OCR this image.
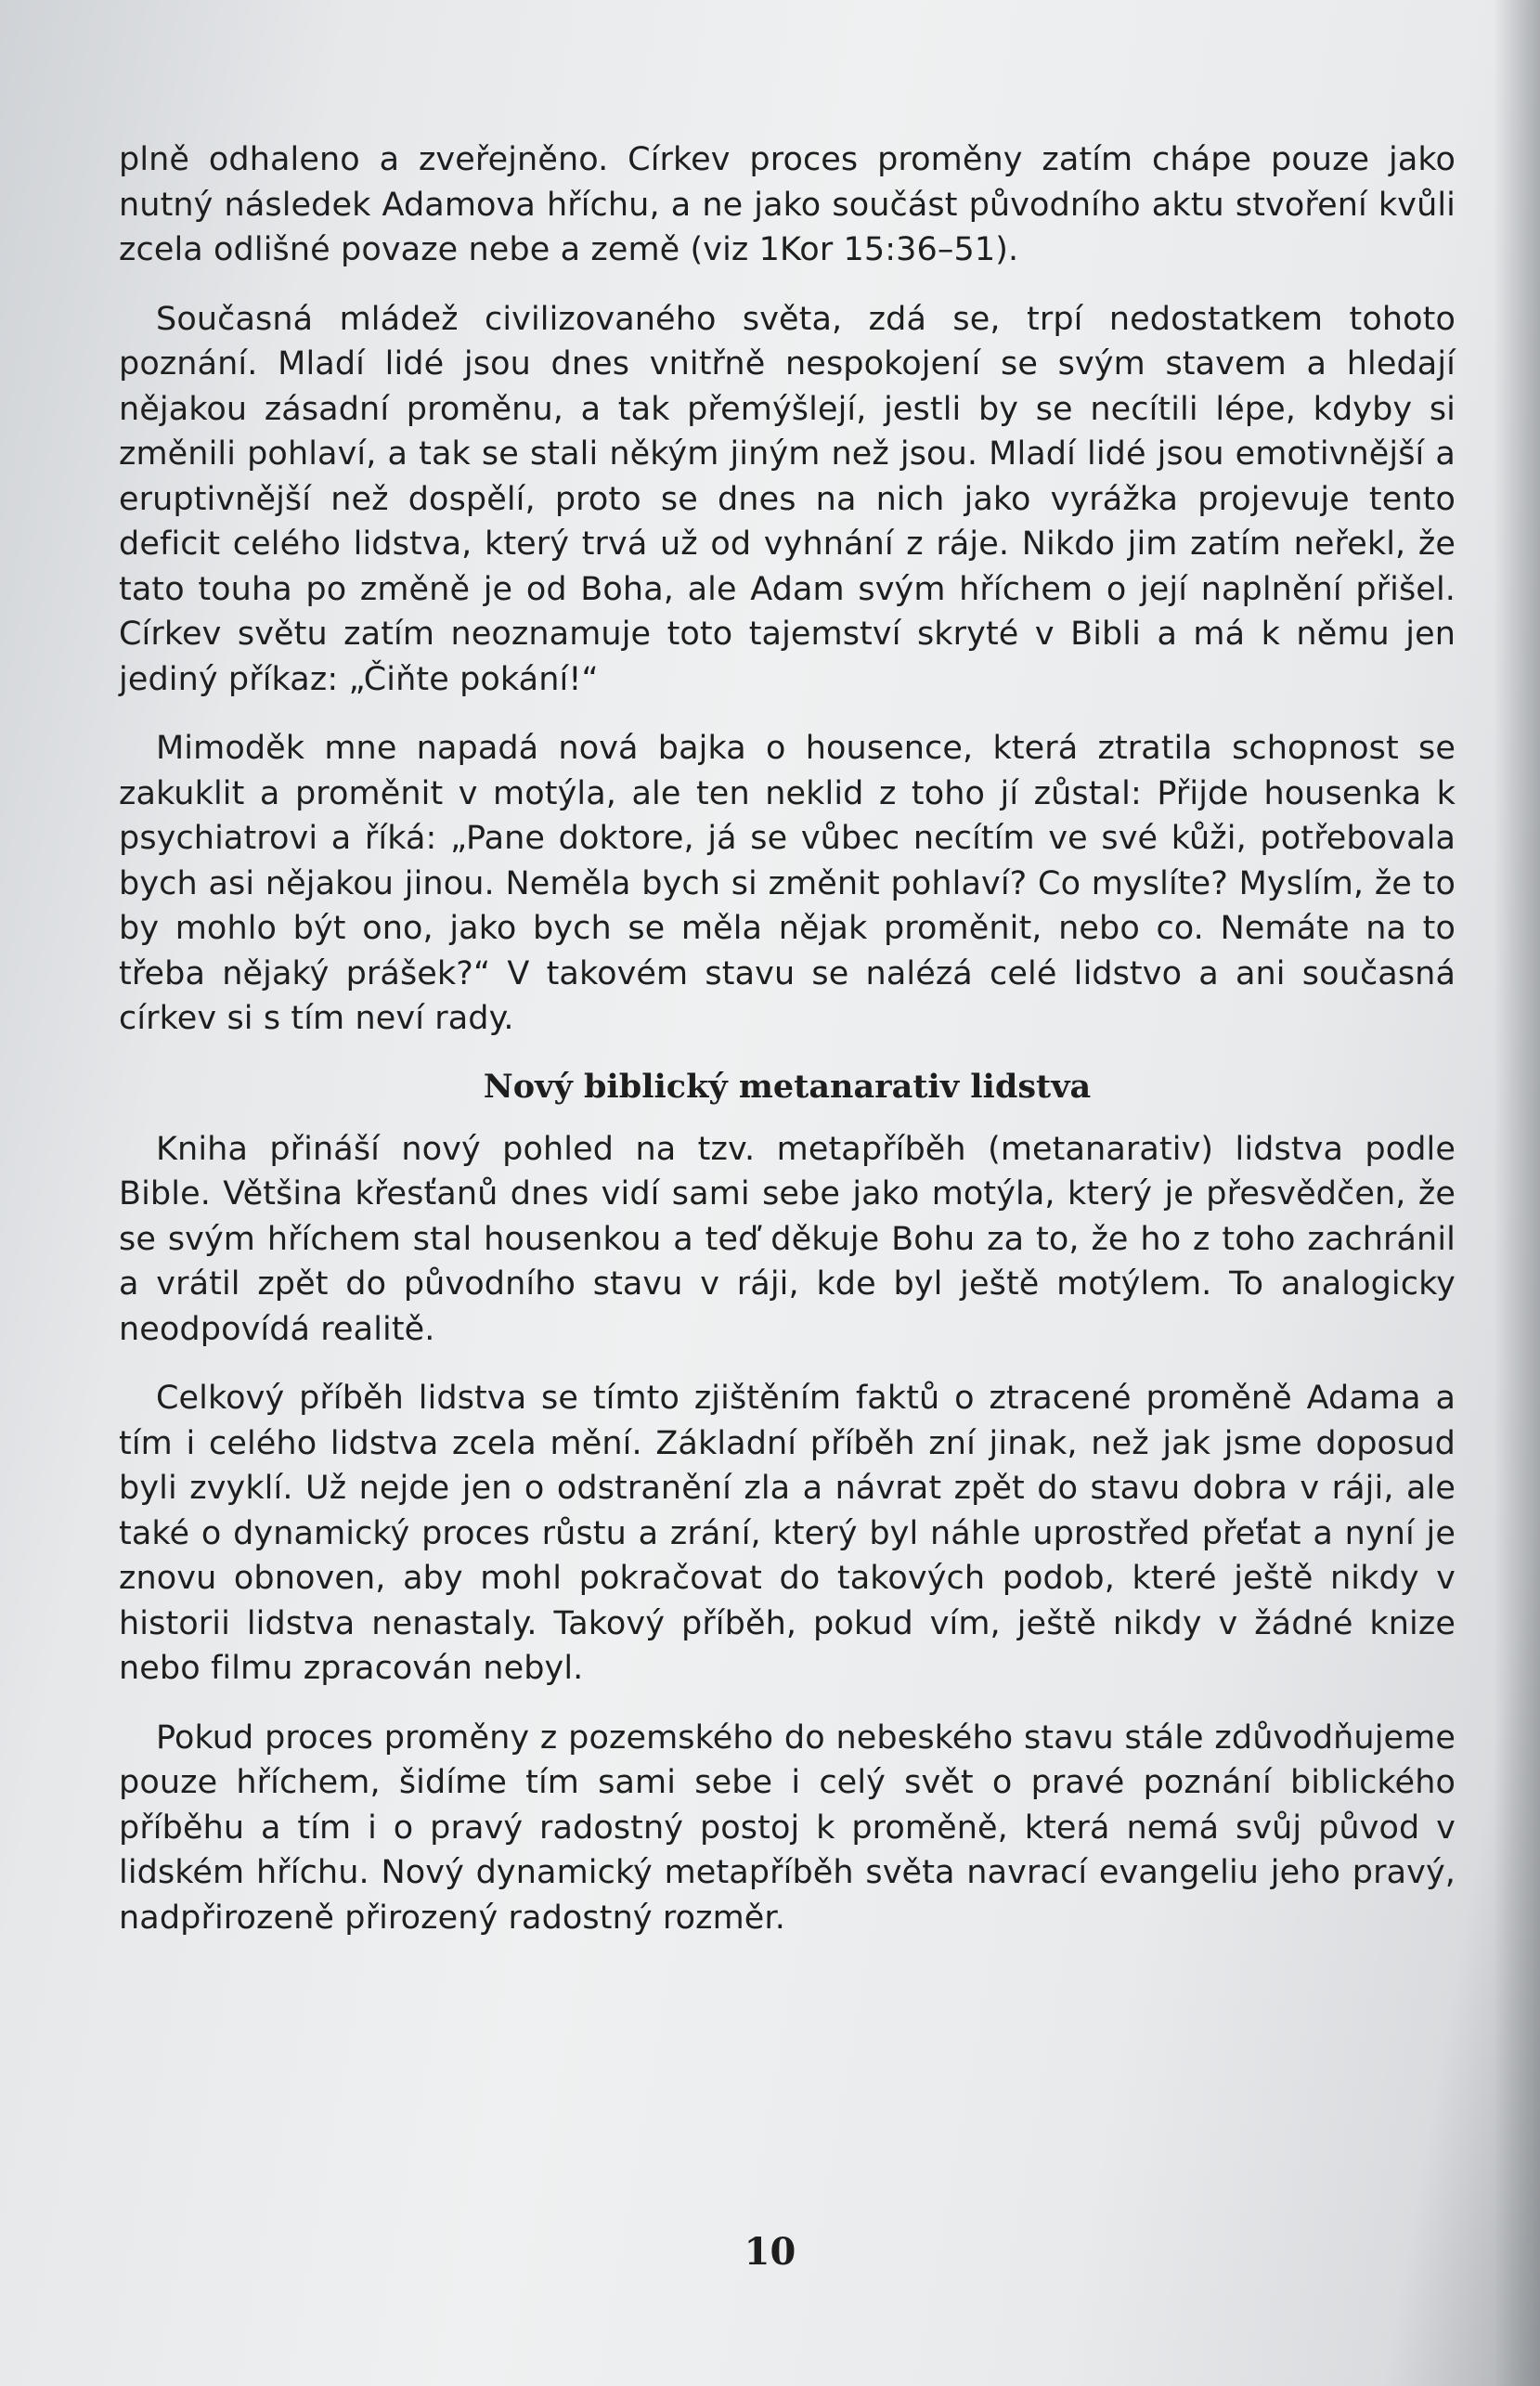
plně odhaleno a zveřejněno. Církev proces proměny zatím chápe pouze jako nutný následek Adamova hříchu, a ne jako součást původního aktu stvoření kvůli zcela odlišné povaze nebe a země (viz 1Kor 15:36–51).

Současná mládež civilizovaného světa, zdá se, trpí nedostatkem tohoto poznání. Mladí lidé jsou dnes vnitřně nespokojení se svým stavem a hledají nějakou zásadní proměnu, a tak přemýšlejí, jestli by se necítili lépe, kdyby si změnili pohlaví, a tak se stali někým jiným než jsou. Mladí lidé jsou emotivnější a eruptivnější než dospělí, proto se dnes na nich jako vyrážka projevuje tento deficit celého lidstva, který trvá už od vyhnání z ráje. Nikdo jim zatím neřekl, že tato touha po změně je od Boha, ale Adam svým hříchem o její naplnění přišel. Církev světu zatím neoznamuje toto tajemství skryté v Bibli a má k němu jen jediný příkaz: „Čiňte pokání!“

Mimoděk mne napadá nová bajka o housence, která ztratila schopnost se zakuklit a proměnit v motýla, ale ten neklid z toho jí zůstal: Přijde housenka k psychiatrovi a říká: „Pane doktore, já se vůbec necítím ve své kůži, potřebovala bych asi nějakou jinou. Neměla bych si změnit pohlaví? Co myslíte? Myslím, že to by mohlo být ono, jako bych se měla nějak proměnit, nebo co. Nemáte na to třeba nějaký prášek?“ V takovém stavu se nalézá celé lidstvo a ani současná církev si s tím neví rady.

Nový biblický metanarativ lidstva

Kniha přináší nový pohled na tzv. metapříběh (metanarativ) lidstva podle Bible. Většina křesťanů dnes vidí sami sebe jako motýla, který je přesvědčen, že se svým hříchem stal housenkou a teď děkuje Bohu za to, že ho z toho zachránil a vrátil zpět do původního stavu v ráji, kde byl ještě motýlem. To analogicky neodpovídá realitě.

Celkový příběh lidstva se tímto zjištěním faktů o ztracené proměně Adama a tím i celého lidstva zcela mění. Základní příběh zní jinak, než jak jsme doposud byli zvyklí. Už nejde jen o odstranění zla a návrat zpět do stavu dobra v ráji, ale také o dynamický proces růstu a zrání, který byl náhle uprostřed přeťat a nyní je znovu obnoven, aby mohl pokračovat do takových podob, které ještě nikdy v historii lidstva nenastaly. Takový příběh, pokud vím, ještě nikdy v žádné knize nebo filmu zpracován nebyl.

Pokud proces proměny z pozemského do nebeského stavu stále zdůvodňujeme pouze hříchem, šidíme tím sami sebe i celý svět o pravé poznání biblického příběhu a tím i o pravý radostný postoj k proměně, která nemá svůj původ v lidském hříchu. Nový dynamický metapříběh světa navrací evangeliu jeho pravý, nadpřirozeně přirozený radostný rozměr.

10
